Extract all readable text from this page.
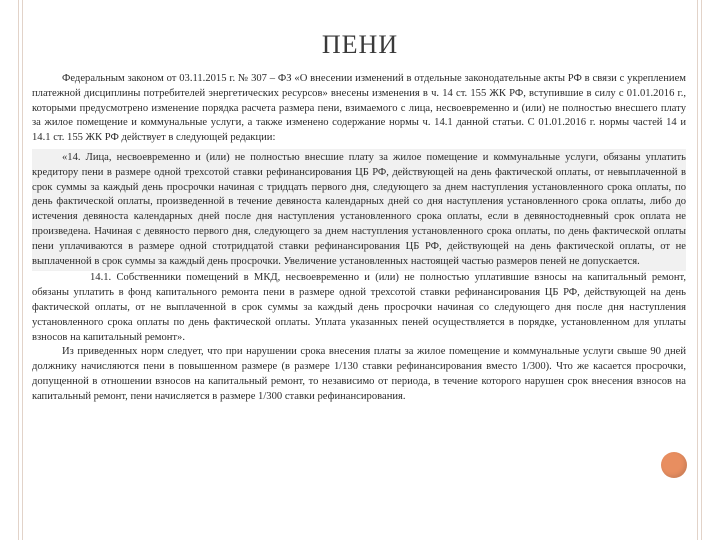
ПЕНИ

Федеральным законом от 03.11.2015 г. № 307 – ФЗ «О внесении изменений в отдельные законодательные акты РФ в связи с укреплением платежной дисциплины потребителей энергетических ресурсов» внесены изменения в ч. 14 ст. 155 ЖК РФ, вступившие в силу с 01.01.2016 г., которыми предусмотрено изменение порядка расчета размера пени, взимаемого с лица, несвоевременно и (или) не полностью внесшего плату за жилое помещение и коммунальные услуги, а также изменено содержание нормы ч. 14.1 данной статьи. С 01.01.2016 г. нормы частей 14 и 14.1 ст. 155 ЖК РФ действует в следующей редакции:

«14. Лица, несвоевременно и (или) не полностью внесшие плату за жилое помещение и коммунальные услуги, обязаны уплатить кредитору пени в размере одной трехсотой ставки рефинансирования ЦБ РФ, действующей на день фактической оплаты, от невыплаченной в срок суммы за каждый день просрочки начиная с тридцать первого дня, следующего за днем наступления установленного срока оплаты, по день фактической оплаты, произведенной в течение девяноста календарных дней со дня наступления установленного срока оплаты, либо до истечения девяноста календарных дней после дня наступления установленного срока оплаты, если в девяностодневный срок оплата не произведена. Начиная с девяносто первого дня, следующего за днем наступления установленного срока оплаты, по день фактической оплаты пени уплачиваются в размере одной стотридцатой ставки рефинансирования ЦБ РФ, действующей на день фактической оплаты, от не выплаченной в срок суммы за каждый день просрочки. Увеличение установленных настоящей частью размеров пеней не допускается.

14.1. Собственники помещений в МКД, несвоевременно и (или) не полностью уплатившие взносы на капитальный ремонт, обязаны уплатить в фонд капитального ремонта пени в размере одной трехсотой ставки рефинансирования ЦБ РФ, действующей на день фактической оплаты, от не выплаченной в срок суммы за каждый день просрочки начиная со следующего дня после дня наступления установленного срока оплаты по день фактической оплаты. Уплата указанных пеней осуществляется в порядке, установленном для уплаты взносов на капитальный ремонт».

Из приведенных норм следует, что при нарушении срока внесения платы за жилое помещение и коммунальные услуги свыше 90 дней должнику начисляются пени в повышенном размере (в размере 1/130 ставки рефинансирования вместо 1/300). Что же касается просрочки, допущенной в отношении взносов на капитальный ремонт, то независимо от периода, в течение которого нарушен срок внесения взносов на капитальный ремонт, пени начисляется в размере 1/300 ставки рефинансирования.
